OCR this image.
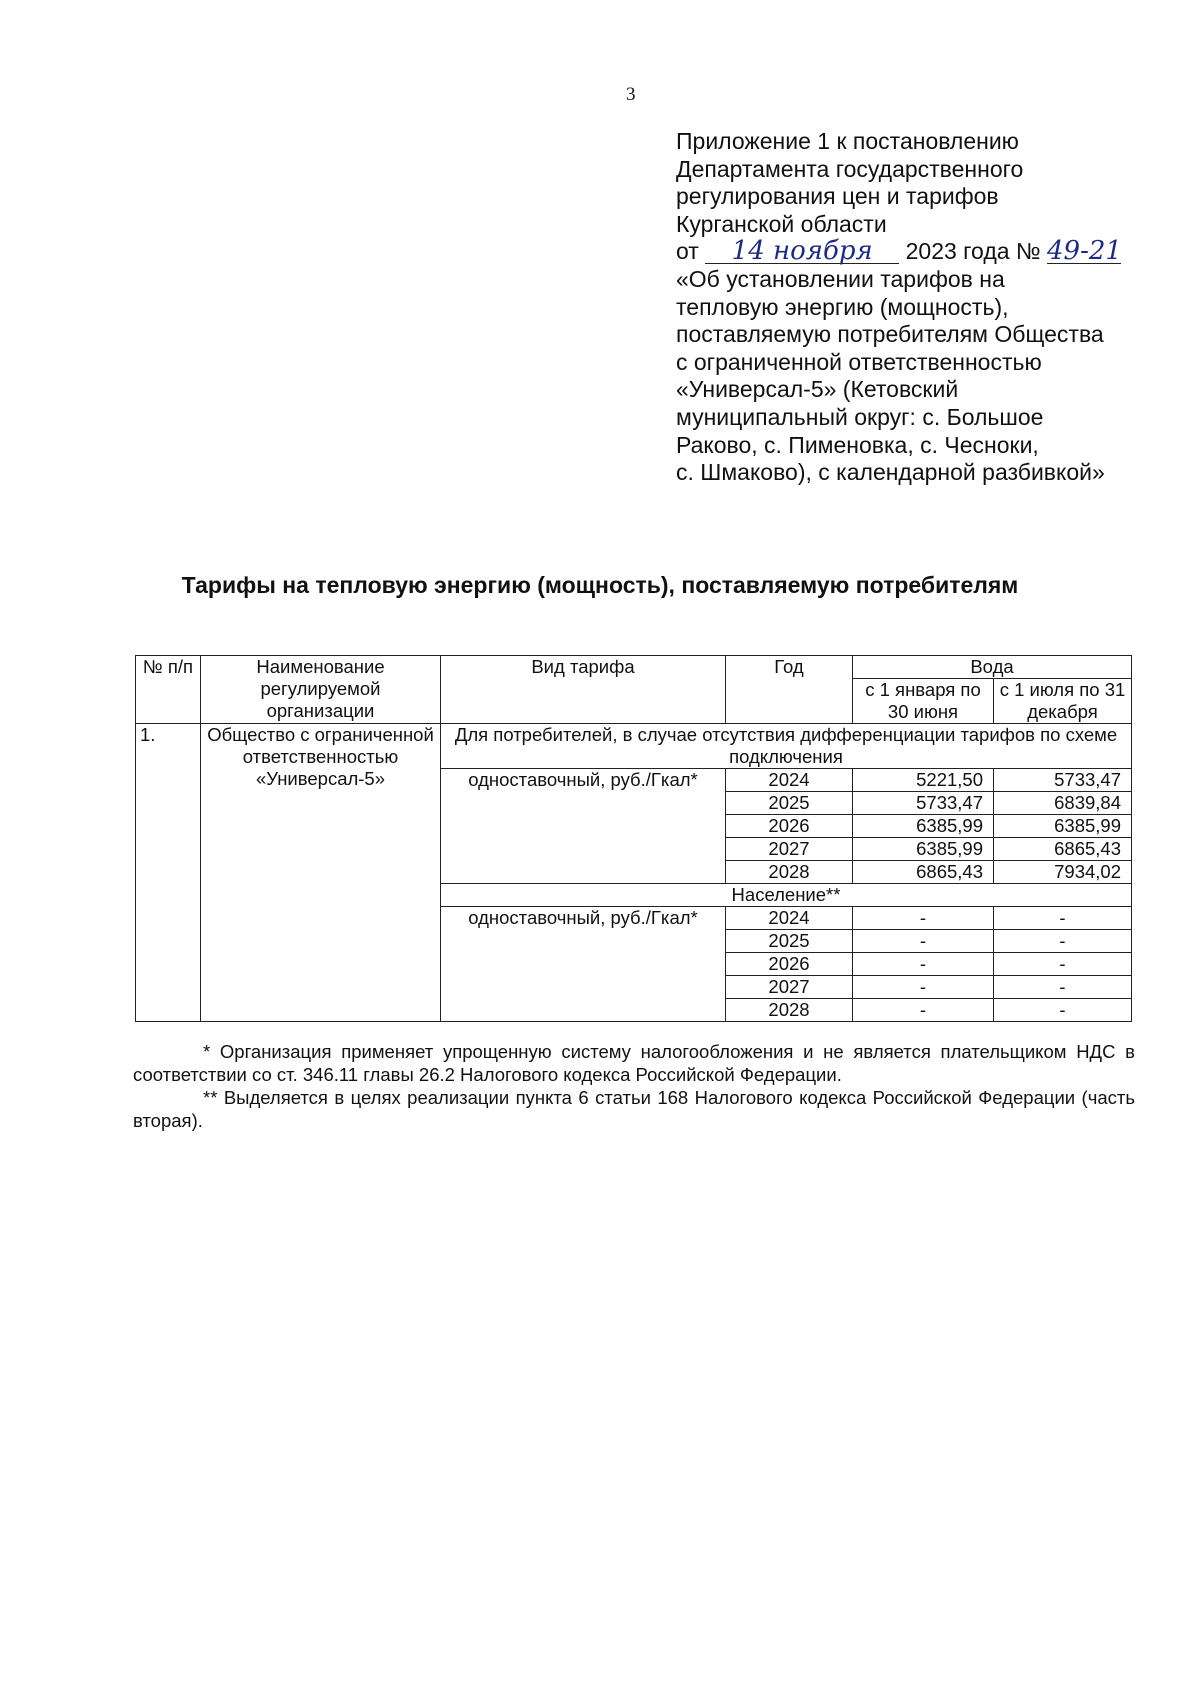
3
Приложение 1 к постановлению
Департамента государственного
регулирования цен и тарифов
Курганской области
от 14 ноября 2023 года № 49-21
«Об установлении тарифов на
тепловую энергию (мощность),
поставляемую потребителям Общества
с ограниченной ответственностью
«Универсал-5» (Кетовский
муниципальный округ: с. Большое
Раково, с. Пименовка, с. Чесноки,
с. Шмаково), с календарной разбивкой»
Тарифы на тепловую энергию (мощность), поставляемую потребителям
№ п/п	Наименование регулируемой организации	Вид тарифа	Год	Вода	
				с 1 января по 30 июня	с 1 июля по 31 декабря
1.	Общество с ограниченной ответственностью «Универсал-5»	Для потребителей, в случае отсутствия дифференциации тарифов по схеме подключения			
		одноставочный, руб./Гкал*	2024	5221,50	5733,47
			2025	5733,47	6839,84
			2026	6385,99	6385,99
			2027	6385,99	6865,43
			2028	6865,43	7934,02
		Население**			
		одноставочный, руб./Гкал*	2024	-	-
			2025	-	-
			2026	-	-
			2027	-	-
			2028	-	-

* Организация применяет упрощенную систему налогообложения и не является плательщиком НДС в соответствии со ст. 346.11 главы 26.2 Налогового кодекса Российской Федерации.

** Выделяется в целях реализации пункта 6 статьи 168 Налогового кодекса Российской Федерации (часть вторая).
